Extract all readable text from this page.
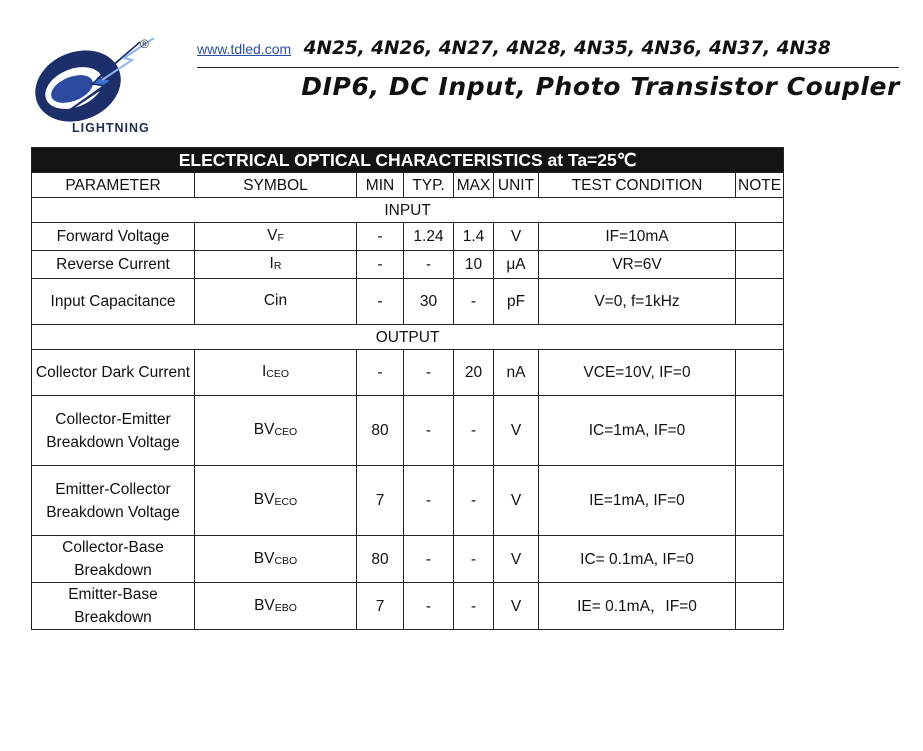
LIGHTNING
®	www.tdled.com 4N25, 4N26, 4N27, 4N28, 4N35, 4N36, 4N37, 4N38
DIP6, DC Input, Photo Transistor Coupler
ELECTRICAL OPTICAL CHARACTERISTICS at Ta=25℃							
PARAMETER	SYMBOL	MIN	TYP.	MAX	UNIT	TEST CONDITION	NOTE
INPUT							
Forward Voltage	$V_F$	-	1.24	1.4	V	IF=10mA	
Reverse Current	$I_R$	-	-	10	μA	VR=6V	
Input Capacitance	Cin	-	30	-	pF	V=0, f=1kHz	
OUTPUT							
Collector Dark Current	$I_{CEO}$	-	-	20	nA	VCE=10V, IF=0	
Collector-Emitter Breakdown Voltage	$BV_{CEO}$	80	-	-	V	IC=1mA, IF=0	
Emitter-Collector Breakdown Voltage	$BV_{ECO}$	7	-	-	V	IE=1mA, IF=0	
Collector-Base Breakdown	$BV_{CBO}$	80	-	-	V	IC= 0.1mA, IF=0	
Emitter-Base Breakdown	$BV_{EBO}$	7	-	-	V	IE= 0.1mA，IF=0	
